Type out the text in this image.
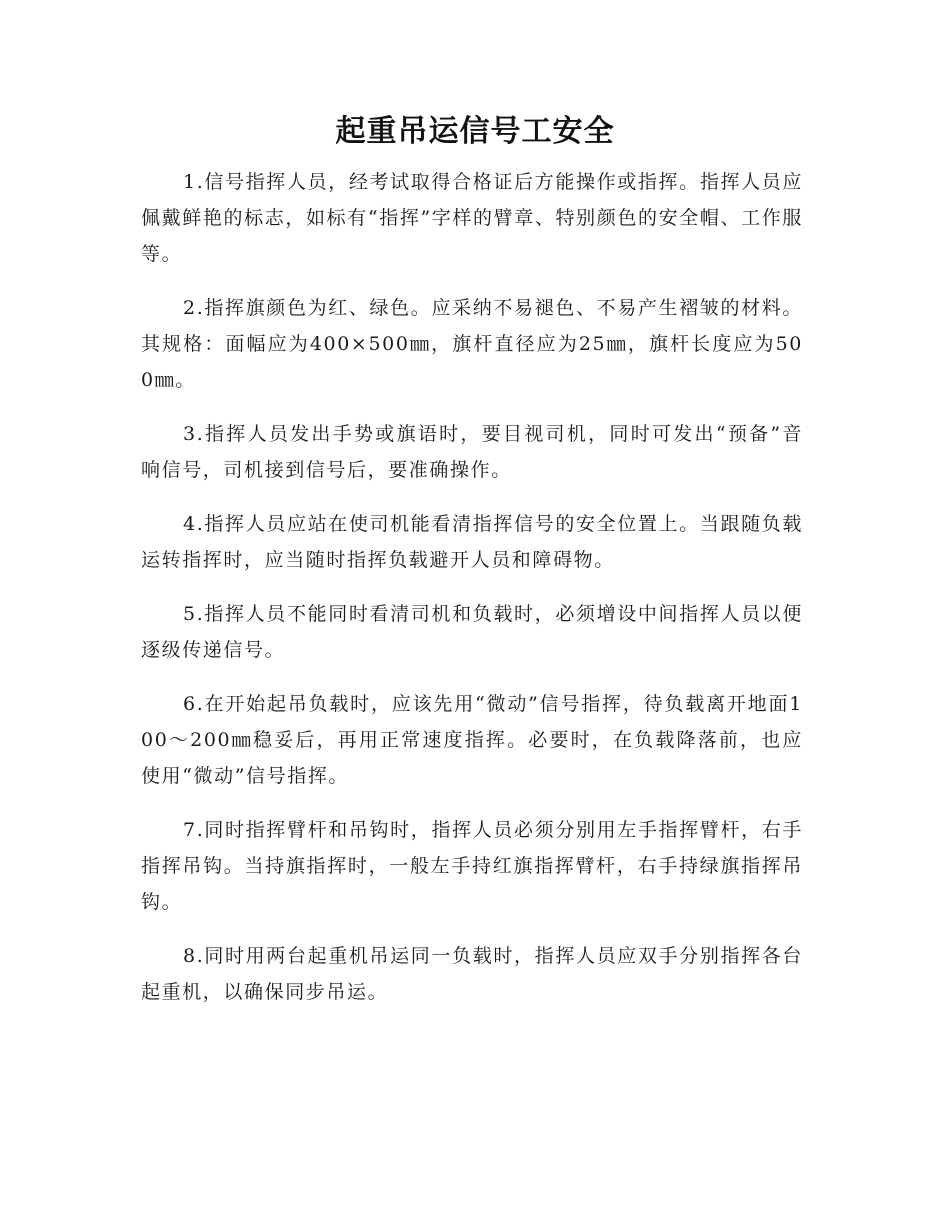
起重吊运信号工安全

1.信号指挥人员，经考试取得合格证后方能操作或指挥。指挥人员应佩戴鲜艳的标志，如标有“指挥”字样的臂章、特别颜色的安全帽、工作服等。

2.指挥旗颜色为红、绿色。应采纳不易褪色、不易产生褶皱的材料。其规格：面幅应为400×500㎜，旗杆直径应为25㎜，旗杆长度应为500㎜。

3.指挥人员发出手势或旗语时，要目视司机，同时可发出“预备”音响信号，司机接到信号后，要准确操作。

4.指挥人员应站在使司机能看清指挥信号的安全位置上。当跟随负载运转指挥时，应当随时指挥负载避开人员和障碍物。

5.指挥人员不能同时看清司机和负载时，必须增设中间指挥人员以便逐级传递信号。

6.在开始起吊负载时，应该先用“微动”信号指挥，待负载离开地面100～200㎜稳妥后，再用正常速度指挥。必要时，在负载降落前，也应使用“微动”信号指挥。

7.同时指挥臂杆和吊钩时，指挥人员必须分别用左手指挥臂杆，右手指挥吊钩。当持旗指挥时，一般左手持红旗指挥臂杆，右手持绿旗指挥吊钩。

8.同时用两台起重机吊运同一负载时，指挥人员应双手分别指挥各台起重机，以确保同步吊运。
